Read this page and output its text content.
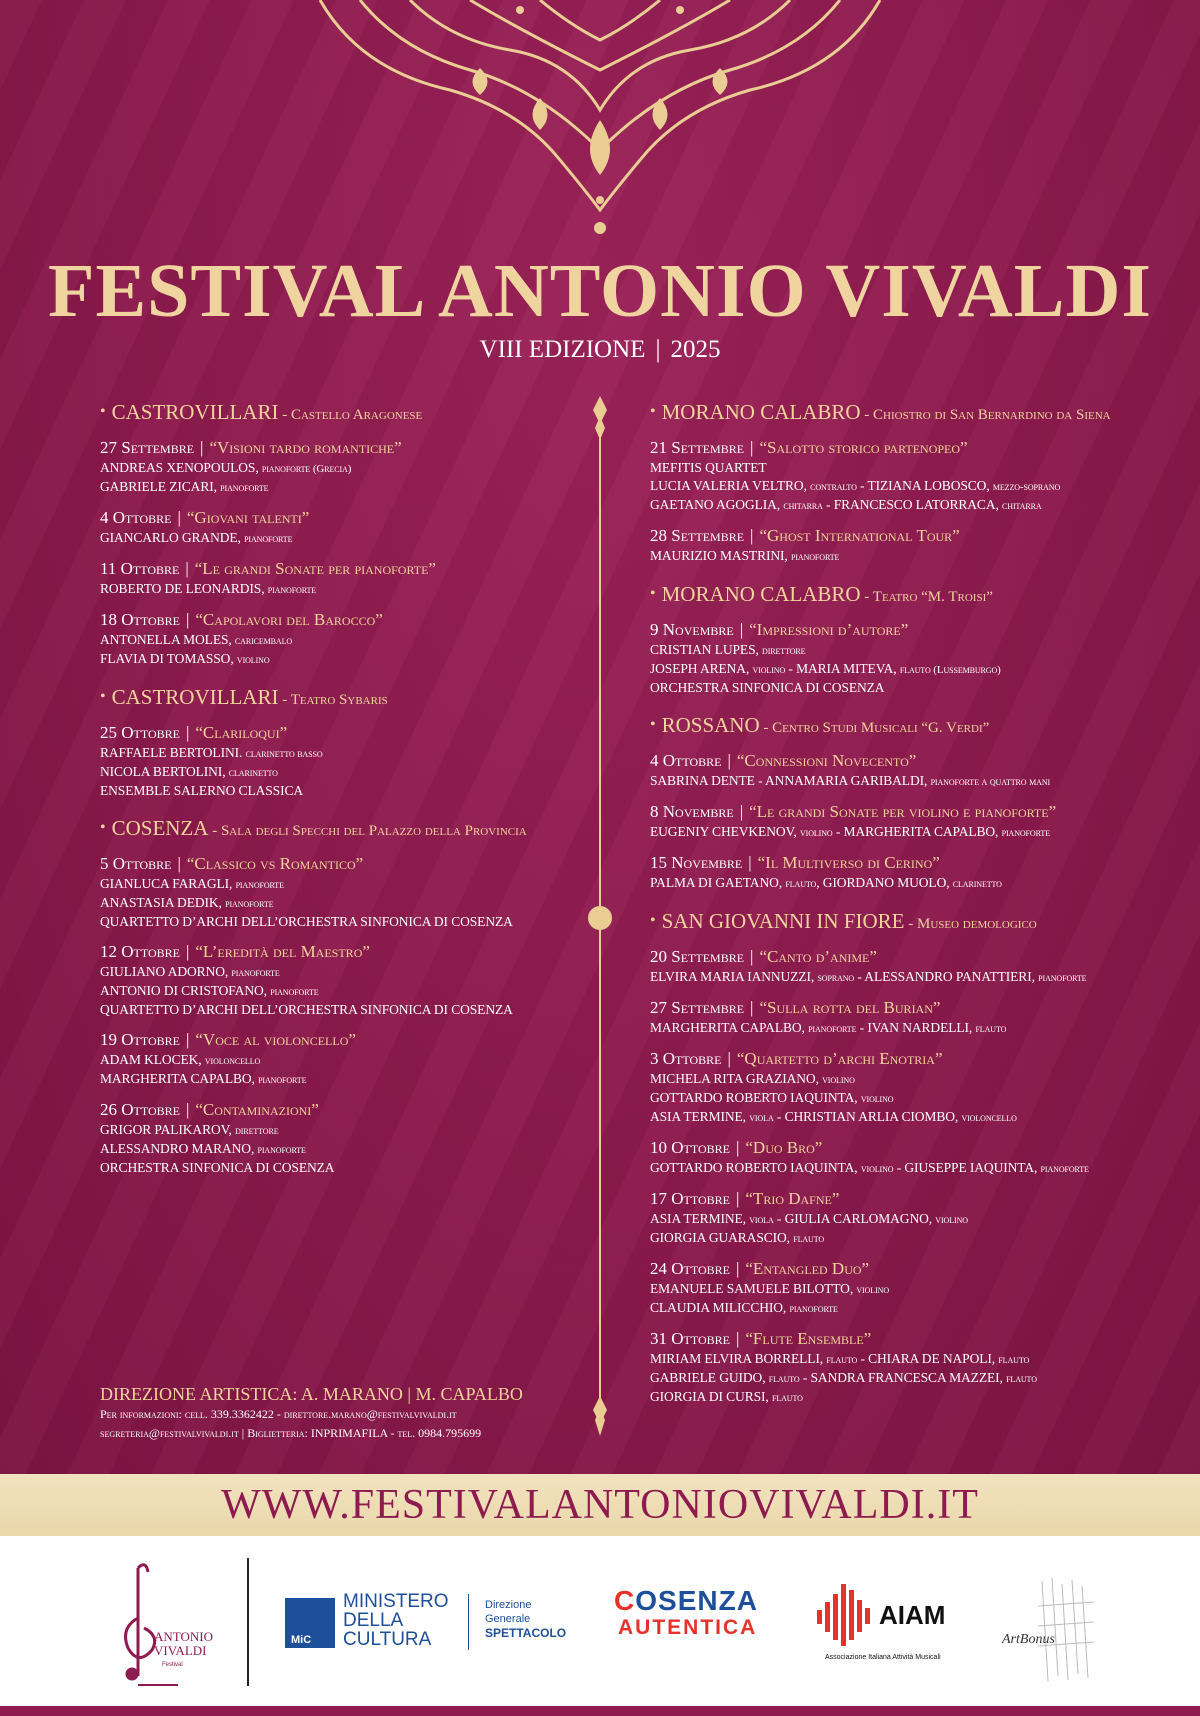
FESTIVAL ANTONIO VIVALDI
VIII EDIZIONE | 2025
• CASTROVILLARI - Castello Aragonese
27 Settembre | “Visioni tardo romantiche”
ANDREAS XENOPOULOS, pianoforte (Grecia)
GABRIELE ZICARI, pianoforte
4 Ottobre | “Giovani talenti”
GIANCARLO GRANDE, pianoforte
11 Ottobre | “Le grandi Sonate per pianoforte”
ROBERTO DE LEONARDIS, pianoforte
18 Ottobre | “Capolavori del Barocco”
ANTONELLA MOLES, caricembalo
FLAVIA DI TOMASSO, violino
• CASTROVILLARI - Teatro Sybaris
25 Ottobre | “Clariloqui”
RAFFAELE BERTOLINI. clarinetto basso
NICOLA BERTOLINI, clarinetto
ENSEMBLE SALERNO CLASSICA
• COSENZA - Sala degli Specchi del Palazzo della Provincia
5 Ottobre | “Classico vs Romantico”
GIANLUCA FARAGLI, pianoforte
ANASTASIA DEDIK, pianoforte
QUARTETTO D’ARCHI DELL’ORCHESTRA SINFONICA DI COSENZA
12 Ottobre | “L’eredità del Maestro”
GIULIANO ADORNO, pianoforte
ANTONIO DI CRISTOFANO, pianoforte
QUARTETTO D’ARCHI DELL’ORCHESTRA SINFONICA DI COSENZA
19 Ottobre | “Voce al violoncello”
ADAM KLOCEK, violoncello
MARGHERITA CAPALBO, pianoforte
26 Ottobre | “Contaminazioni”
GRIGOR PALIKAROV, direttore
ALESSANDRO MARANO, pianoforte
ORCHESTRA SINFONICA DI COSENZA
• MORANO CALABRO - Chiostro di San Bernardino da Siena
21 Settembre | “Salotto storico partenopeo”
MEFITIS QUARTET
LUCIA VALERIA VELTRO, contralto - TIZIANA LOBOSCO, mezzo-soprano
GAETANO AGOGLIA, chitarra - FRANCESCO LATORRACA, chitarra
28 Settembre | “Ghost International Tour”
MAURIZIO MASTRINI, pianoforte
• MORANO CALABRO - Teatro “M. Troisi”
9 Novembre | “Impressioni d’autore”
CRISTIAN LUPES, direttore
JOSEPH ARENA, violino - MARIA MITEVA, flauto (Lussemburgo)
ORCHESTRA SINFONICA DI COSENZA
• ROSSANO - Centro Studi Musicali “G. Verdi”
4 Ottobre | “Connessioni Novecento”
SABRINA DENTE - ANNAMARIA GARIBALDI, pianoforte a quattro mani
8 Novembre | “Le grandi Sonate per violino e pianoforte”
EUGENIY CHEVKENOV, violino - MARGHERITA CAPALBO, pianoforte
15 Novembre | “Il Multiverso di Cerino”
PALMA DI GAETANO, flauto, GIORDANO MUOLO, clarinetto
• SAN GIOVANNI IN FIORE - Museo demologico
20 Settembre | “Canto d’anime”
ELVIRA MARIA IANNUZZI, soprano - ALESSANDRO PANATTIERI, pianoforte
27 Settembre | “Sulla rotta del Burian”
MARGHERITA CAPALBO, pianoforte - IVAN NARDELLI, flauto
3 Ottobre | “Quartetto d’archi Enotria”
MICHELA RITA GRAZIANO, violino
GOTTARDO ROBERTO IAQUINTA, violino
ASIA TERMINE, viola - CHRISTIAN ARLIA CIOMBO, violoncello
10 Ottobre | “Duo Bro”
GOTTARDO ROBERTO IAQUINTA, violino - GIUSEPPE IAQUINTA, pianoforte
17 Ottobre | “Trio Dafne”
ASIA TERMINE, viola - GIULIA CARLOMAGNO, violino
GIORGIA GUARASCIO, flauto
24 Ottobre | “Entangled Duo”
EMANUELE SAMUELE BILOTTO, violino
CLAUDIA MILICCHIO, pianoforte
31 Ottobre | “Flute Ensemble”
MIRIAM ELVIRA BORRELLI, flauto - CHIARA DE NAPOLI, flauto
GABRIELE GUIDO, flauto - SANDRA FRANCESCA MAZZEI, flauto
GIORGIA DI CURSI, flauto
DIREZIONE ARTISTICA: A. MARANO | M. CAPALBO
Per informazioni: cell. 339.3362422 - direttore.marano@festivalvivaldi.it
segreteria@festivalvivaldi.it | Biglietteria: INPRIMAFILA - tel. 0984.795699
WWW.FESTIVALANTONIOVIVALDI.IT
ANTONIO
VIVALDI
Festival
MiC
MINISTERO
DELLA
CULTURA
Direzione
Generale
SPETTACOLO
COSENZA
AUTENTICA	AIAM
Associazione Italiana Attività Musicali
ArtBonus
